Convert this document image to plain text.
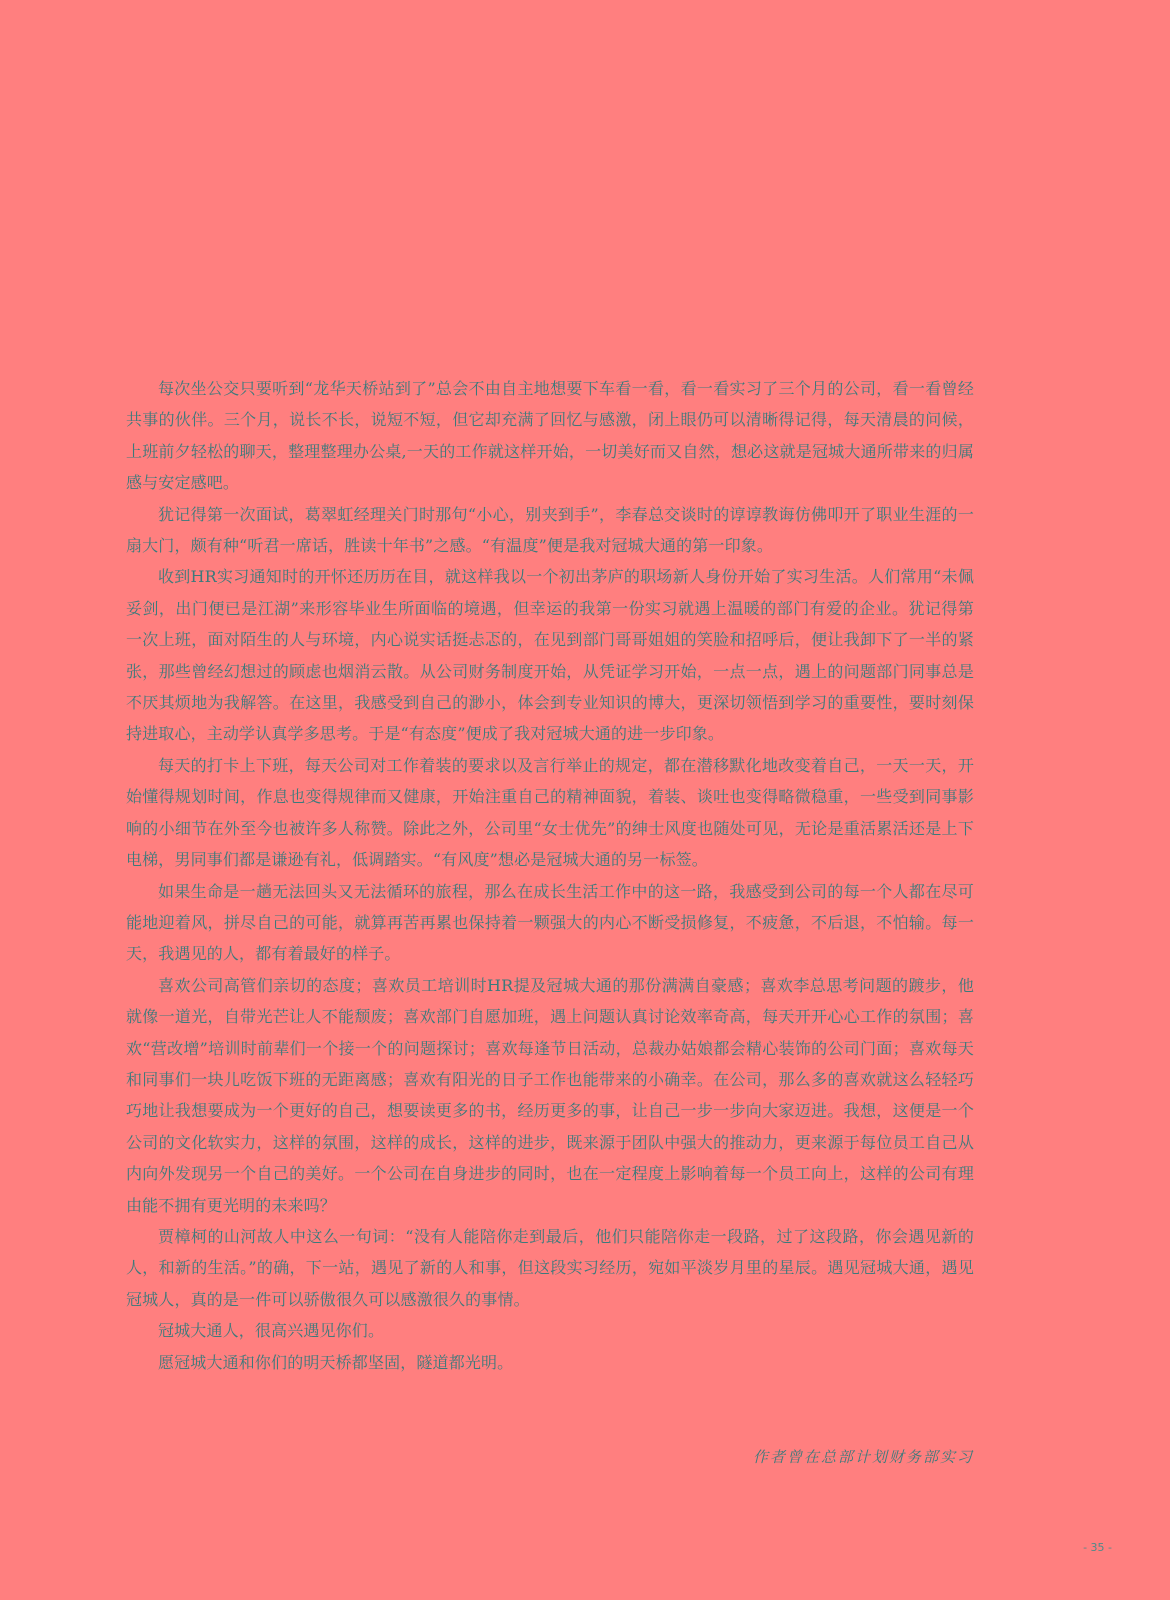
每次坐公交只要听到“龙华天桥站到了”总会不由自主地想要下车看一看，看一看实习了三个月的公司，看一看曾经共事的伙伴。三个月，说长不长，说短不短，但它却充满了回忆与感激，闭上眼仍可以清晰得记得，每天清晨的问候，上班前夕轻松的聊天，整理整理办公桌,一天的工作就这样开始，一切美好而又自然，想必这就是冠城大通所带来的归属感与安定感吧。

犹记得第一次面试，葛翠虹经理关门时那句“小心，别夹到手”，李春总交谈时的谆谆教诲仿佛叩开了职业生涯的一扇大门，颇有种“听君一席话，胜读十年书”之感。“有温度”便是我对冠城大通的第一印象。

收到HR实习通知时的开怀还历历在目，就这样我以一个初出茅庐的职场新人身份开始了实习生活。人们常用“未佩妥剑，出门便已是江湖”来形容毕业生所面临的境遇，但幸运的我第一份实习就遇上温暖的部门有爱的企业。犹记得第一次上班，面对陌生的人与环境，内心说实话挺忐忑的，在见到部门哥哥姐姐的笑脸和招呼后，便让我卸下了一半的紧张，那些曾经幻想过的顾虑也烟消云散。从公司财务制度开始，从凭证学习开始，一点一点，遇上的问题部门同事总是不厌其烦地为我解答。在这里，我感受到自己的渺小，体会到专业知识的博大，更深切领悟到学习的重要性，要时刻保持进取心，主动学认真学多思考。于是“有态度”便成了我对冠城大通的进一步印象。

每天的打卡上下班，每天公司对工作着装的要求以及言行举止的规定，都在潜移默化地改变着自己，一天一天，开始懂得规划时间，作息也变得规律而又健康，开始注重自己的精神面貌，着装、谈吐也变得略微稳重，一些受到同事影响的小细节在外至今也被许多人称赞。除此之外，公司里“女士优先”的绅士风度也随处可见，无论是重活累活还是上下电梯，男同事们都是谦逊有礼，低调踏实。“有风度”想必是冠城大通的另一标签。

如果生命是一趟无法回头又无法循环的旅程，那么在成长生活工作中的这一路，我感受到公司的每一个人都在尽可能地迎着风，拼尽自己的可能，就算再苦再累也保持着一颗强大的内心不断受损修复，不疲惫，不后退，不怕输。每一天，我遇见的人，都有着最好的样子。

喜欢公司高管们亲切的态度；喜欢员工培训时HR提及冠城大通的那份满满自豪感；喜欢李总思考问题的踱步，他就像一道光，自带光芒让人不能颓废；喜欢部门自愿加班，遇上问题认真讨论效率奇高，每天开开心心工作的氛围；喜欢“营改增”培训时前辈们一个接一个的问题探讨；喜欢每逢节日活动，总裁办姑娘都会精心装饰的公司门面；喜欢每天和同事们一块儿吃饭下班的无距离感；喜欢有阳光的日子工作也能带来的小确幸。在公司，那么多的喜欢就这么轻轻巧巧地让我想要成为一个更好的自己，想要读更多的书，经历更多的事，让自己一步一步向大家迈进。我想，这便是一个公司的文化软实力，这样的氛围，这样的成长，这样的进步，既来源于团队中强大的推动力，更来源于每位员工自己从内向外发现另一个自己的美好。一个公司在自身进步的同时，也在一定程度上影响着每一个员工向上，这样的公司有理由能不拥有更光明的未来吗？

贾樟柯的山河故人中这么一句词：“没有人能陪你走到最后，他们只能陪你走一段路，过了这段路，你会遇见新的人，和新的生活。”的确，下一站，遇见了新的人和事，但这段实习经历，宛如平淡岁月里的星辰。遇见冠城大通，遇见冠城人，真的是一件可以骄傲很久可以感激很久的事情。

冠城大通人，很高兴遇见你们。

愿冠城大通和你们的明天桥都坚固，隧道都光明。

作者曾在总部计划财务部实习
- 35 -
